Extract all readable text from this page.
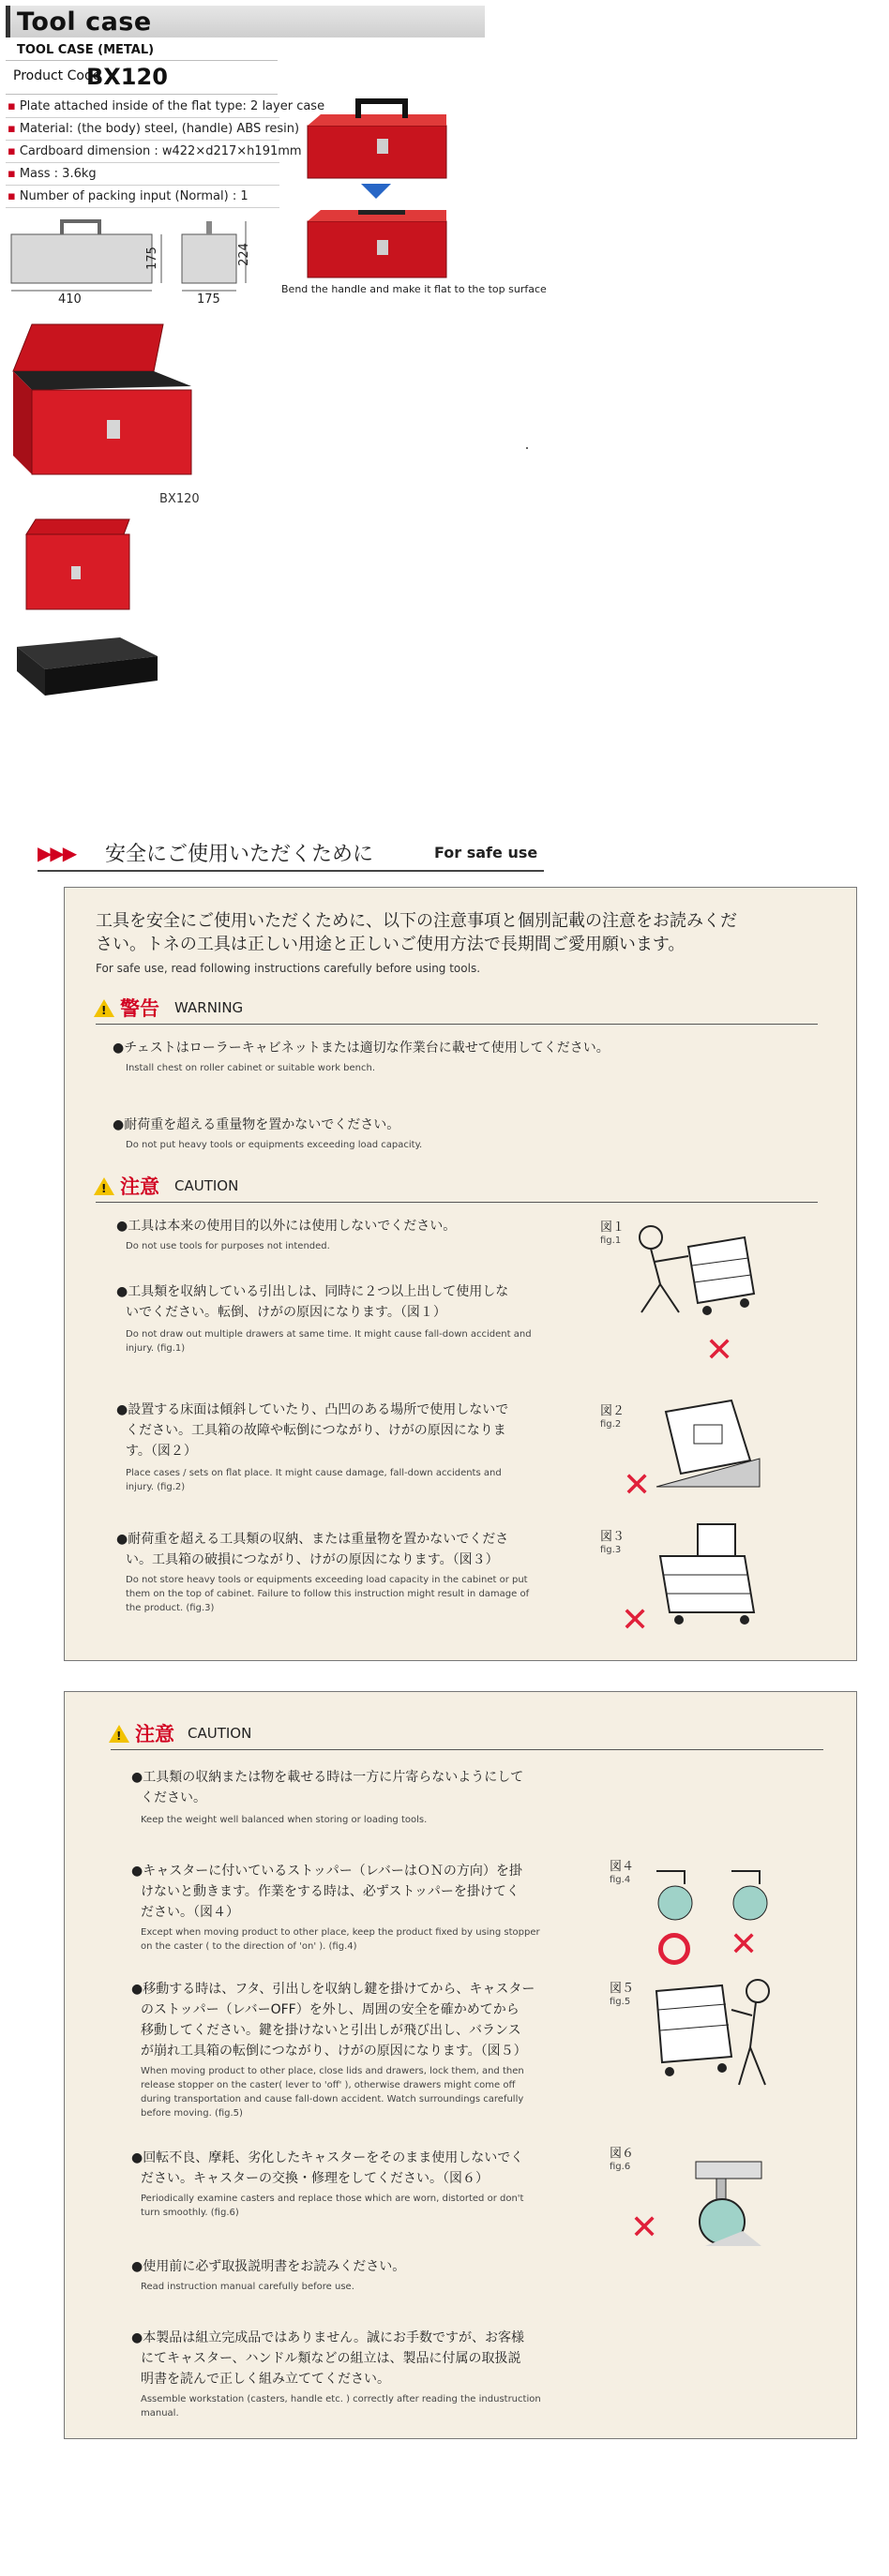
Tool case
TOOL CASE (METAL)
Product Code
BX120
▪ Plate attached inside of the flat type: 2 layer case
▪ Material: (the body) steel, (handle) ABS resin)
▪ Cardboard dimension : w422×d217×h191mm
▪ Mass : 3.6kg
▪ Number of packing input (Normal) : 1
Bend the handle and make it flat to the top surface
410
175
175
224
BX120
▶▶▶ 安全にご使用いただくために	For safe use
工具を安全にご使用いただくために、以下の注意事項と個別記載の注意をお読みくだ
さい。トネの工具は正しい用途と正しいご使用方法で長期間ご愛用願います。
For safe use, read following instructions carefully before using tools.
! 警告 WARNING
●チェストはローラーキャビネットまたは適切な作業台に載せて使用してください。
Install chest on roller cabinet or suitable work bench.
●耐荷重を超える重量物を置かないでください。
Do not put heavy tools or equipments exceeding load capacity.
! 注意 CAUTION
●工具は本来の使用目的以外には使用しないでください。
Do not use tools for purposes not intended.
●工具類を収納している引出しは、同時に２つ以上出して使用しな
いでください。転倒、けがの原因になります。（図１）
Do not draw out multiple drawers at same time. It might cause fall-down accident and
injury. (fig.1)
●設置する床面は傾斜していたり、凸凹のある場所で使用しないで
ください。工具箱の故障や転倒につながり、けがの原因になりま
す。（図２）
Place cases / sets on flat place. It might cause damage, fall-down accidents and
injury. (fig.2)
●耐荷重を超える工具類の収納、または重量物を置かないでくださ
い。工具箱の破損につながり、けがの原因になります。（図３）
Do not store heavy tools or equipments exceeding load capacity in the cabinet or put
them on the top of cabinet. Failure to follow this instruction might result in damage of
the product. (fig.3)
図１
fig.1
✕
図２
fig.2
✕
図３
fig.3
✕
! 注意 CAUTION
●工具類の収納または物を載せる時は一方に片寄らないようにして
ください。
Keep the weight well balanced when storing or loading tools.
●キャスターに付いているストッパー（レバーはＯＮの方向）を掛
けないと動きます。作業をする時は、必ずストッパーを掛けてく
ださい。（図４）
Except when moving product to other place, keep the product fixed by using stopper
on the caster ( to the direction of 'on' ). (fig.4)
●移動する時は、フタ、引出しを収納し鍵を掛けてから、キャスター
のストッパー（レバーOFF）を外し、周囲の安全を確かめてから
移動してください。鍵を掛けないと引出しが飛び出し、バランス
が崩れ工具箱の転倒につながり、けがの原因になります。（図５）
When moving product to other place, close lids and drawers, lock them, and then
release stopper on the caster( lever to 'off' ), otherwise drawers might come off
during transportation and cause fall-down accident. Watch surroundings carefully
before moving. (fig.5)
●回転不良、摩耗、劣化したキャスターをそのまま使用しないでく
ださい。キャスターの交換・修理をしてください。（図６）
Periodically examine casters and replace those which are worn, distorted or don't
turn smoothly. (fig.6)
●使用前に必ず取扱説明書をお読みください。
Read instruction manual carefully before use.
●本製品は組立完成品ではありません。誠にお手数ですが、お客様
にてキャスター、ハンドル類などの組立は、製品に付属の取扱説
明書を読んで正しく組み立ててください。
Assemble workstation (casters, handle etc. ) correctly after reading the industruction
manual.
図４
fig.4
✕
図５
fig.5
図６
fig.6
✕
